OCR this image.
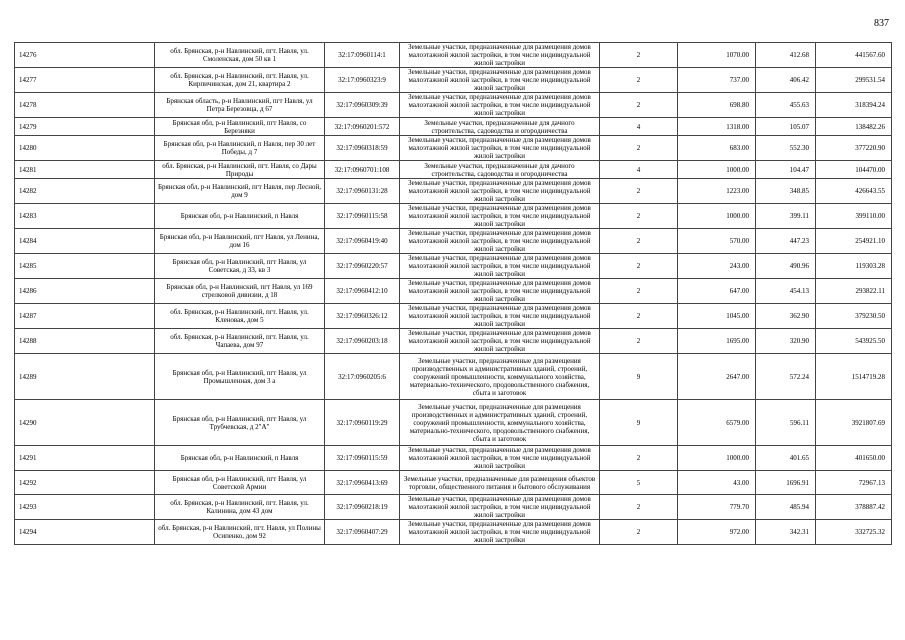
837
14276	обл. Брянская, р-н Навлинский, пгт. Навля, ул. Смоленская, дом 50 кв 1	32:17:0960114:1	Земельные участки, предназначенные для размещения домов малоэтажной жилой застройки, в том числе индивидуальной жилой застройки	2	1070.00	412.68	441567.60
14277	обл. Брянская, р-н Навлинский, пгт. Навля, ул. Кирпичинская, дом 21, квартира 2	32:17:0960323:9	Земельные участки, предназначенные для размещения домов малоэтажной жилой застройки, в том числе индивидуальной жилой застройки	2	737.00	406.42	299531.54
14278	Брянская область, р-н Навлинский, пгт Навля, ул Петра Березовца, д 67	32:17:0960309:39	Земельные участки, предназначенные для размещения домов малоэтажной жилой застройки, в том числе индивидуальной жилой застройки	2	698.80	455.63	318394.24
14279	Брянская обл, р-н Навлинский, пгт Навля, со Березняки	32:17:0960201:572	Земельные участки, предназначенные для дачного строительства, садоводства и огородничества	4	1318.00	105.07	138482.26
14280	Брянская обл, р-н Навлинский, п Навля, пер 30 лет Победы, д 7	32:17:0960318:59	Земельные участки, предназначенные для размещения домов малоэтажной жилой застройки, в том числе индивидуальной жилой застройки	2	683.00	552.30	377220.90
14281	обл. Брянская, р-н Навлинский, пгт. Навля, со Дары Природы	32:17:0960701:108	Земельные участки, предназначенные для дачного строительства, садоводства и огородничества	4	1000.00	104.47	104470.00
14282	Брянская обл, р-н Навлинский, пгт Навля, пер Лесной, дом 9	32:17:0960131:28	Земельные участки, предназначенные для размещения домов малоэтажной жилой застройки, в том числе индивидуальной жилой застройки	2	1223.00	348.85	426643.55
14283	Брянская обл, р-н Навлинский, п Навля	32:17:0960115:58	Земельные участки, предназначенные для размещения домов малоэтажной жилой застройки, в том числе индивидуальной жилой застройки	2	1000.00	399.11	399110.00
14284	Брянская обл, р-н Навлинский, пгт Навля, ул Ленина, дом 16	32:17:0960419:40	Земельные участки, предназначенные для размещения домов малоэтажной жилой застройки, в том числе индивидуальной жилой застройки	2	570.00	447.23	254921.10
14285	Брянская обл, р-н Навлинский, пгт Навля, ул Советская, д 33, кв 3	32:17:0960220:57	Земельные участки, предназначенные для размещения домов малоэтажной жилой застройки, в том числе индивидуальной жилой застройки	2	243.00	490.96	119303.28
14286	Брянская обл, р-н Навлинский, пгт Навля, ул 169 стрелковой дивизии, д 18	32:17:0960412:10	Земельные участки, предназначенные для размещения домов малоэтажной жилой застройки, в том числе индивидуальной жилой застройки	2	647.00	454.13	293822.11
14287	обл. Брянская, р-н Навлинский, пгт. Навля, ул. Кленовая, дом 5	32:17:0960326:12	Земельные участки, предназначенные для размещения домов малоэтажной жилой застройки, в том числе индивидуальной жилой застройки	2	1045.00	362.90	379230.50
14288	обл. Брянская, р-н Навлинский, пгт. Навля, ул. Чапаева, дом 97	32:17:0960203:18	Земельные участки, предназначенные для размещения домов малоэтажной жилой застройки, в том числе индивидуальной жилой застройки	2	1695.00	320.90	543925.50
14289	Брянская обл, р-н Навлинский, пгт Навля, ул Промышленная, дом 3 а	32:17:0960205:6	Земельные участки, предназначенные для размещения производственных и административных зданий, строений, сооружений промышленности, коммунального хозяйства, материально-технического, продовольственного снабжения, сбыта и заготовок	9	2647.00	572.24	1514719.28
14290	Брянская обл, р-н Навлинский, пгт Навля, ул Трубчевская, д 2"А"	32:17:0960119:29	Земельные участки, предназначенные для размещения производственных и административных зданий, строений, сооружений промышленности, коммунального хозяйства, материально-технического, продовольственного снабжения, сбыта и заготовок	9	6579.00	596.11	3921807.69
14291	Брянская обл, р-н Навлинский, п Навля	32:17:0960115:59	Земельные участки, предназначенные для размещения домов малоэтажной жилой застройки, в том числе индивидуальной жилой застройки	2	1000.00	401.65	401650.00
14292	Брянская обл, р-н Навлинский, пгт Навля, ул Советской Армии	32:17:0960413:69	Земельные участки, предназначенные для размещения объектов торговли, общественного питания и бытового обслуживания	5	43.00	1696.91	72967.13
14293	обл. Брянская, р-н Навлинский, пгт. Навля, ул. Калинина, дом 43 дом	32:17:0960218:19	Земельные участки, предназначенные для размещения домов малоэтажной жилой застройки, в том числе индивидуальной жилой застройки	2	779.70	485.94	378887.42
14294	обл. Брянская, р-н Навлинский, пгт. Навля, ул Полины Осипенко, дом 92	32:17:0960407:29	Земельные участки, предназначенные для размещения домов малоэтажной жилой застройки, в том числе индивидуальной жилой застройки	2	972.00	342.31	332725.32
